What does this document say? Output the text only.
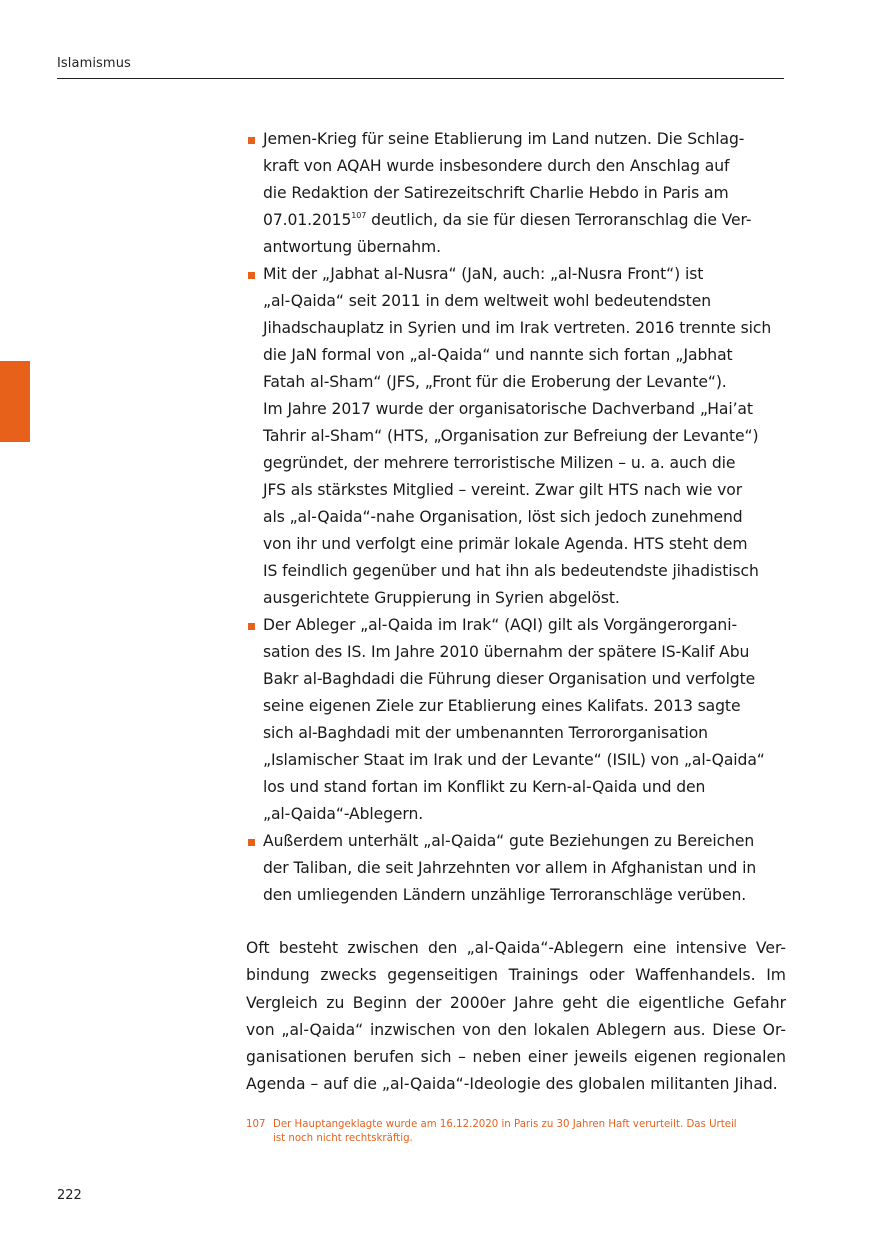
Islamismus
Jemen-Krieg für seine Etablierung im Land nutzen. Die Schlag-
kraft von AQAH wurde insbesondere durch den Anschlag auf
die Redaktion der Satirezeitschrift Charlie Hebdo in Paris am
07.01.2015$^{107}$ deutlich, da sie für diesen Terroranschlag die Ver-
antwortung übernahm.
Mit der „Jabhat al-Nusra“ (JaN, auch: „al-Nusra Front“) ist
„al-Qaida“ seit 2011 in dem weltweit wohl bedeutendsten
Jihadschauplatz in Syrien und im Irak vertreten. 2016 trennte sich
die JaN formal von „al-Qaida“ und nannte sich fortan „Jabhat
Fatah al-Sham“ (JFS, „Front für die Eroberung der Levante“).
Im Jahre 2017 wurde der organisatorische Dachverband „Hai’at
Tahrir al-Sham“ (HTS, „Organisation zur Befreiung der Levante“)
gegründet, der mehrere terroristische Milizen – u. a. auch die
JFS als stärkstes Mitglied – vereint. Zwar gilt HTS nach wie vor
als „al-Qaida“-nahe Organisation, löst sich jedoch zunehmend
von ihr und verfolgt eine primär lokale Agenda. HTS steht dem
IS feindlich gegenüber und hat ihn als bedeutendste jihadistisch
ausgerichtete Gruppierung in Syrien abgelöst.
Der Ableger „al-Qaida im Irak“ (AQI) gilt als Vorgängerorgani-
sation des IS. Im Jahre 2010 übernahm der spätere IS-Kalif Abu
Bakr al-Baghdadi die Führung dieser Organisation und verfolgte
seine eigenen Ziele zur Etablierung eines Kalifats. 2013 sagte
sich al-Baghdadi mit der umbenannten Terrororganisation
„Islamischer Staat im Irak und der Levante“ (ISIL) von „al-Qaida“
los und stand fortan im Konflikt zu Kern-al-Qaida und den
„al-Qaida“-Ablegern.
Außerdem unterhält „al-Qaida“ gute Beziehungen zu Bereichen
der Taliban, die seit Jahrzehnten vor allem in Afghanistan und in
den umliegenden Ländern unzählige Terroranschläge verüben.

Oft besteht zwischen den „al-Qaida“-Ablegern eine intensive Ver-
bindung zwecks gegenseitigen Trainings oder Waffenhandels. Im
Vergleich zu Beginn der 2000er Jahre geht die eigentliche Gefahr
von „al-Qaida“ inzwischen von den lokalen Ablegern aus. Diese Or-
ganisationen berufen sich – neben einer jeweils eigenen regionalen
Agenda – auf die „al-Qaida“-Ideologie des globalen militanten Jihad.

107 Der Hauptangeklagte wurde am 16.12.2020 in Paris zu 30 Jahren Haft verurteilt. Das Urteil
ist noch nicht rechtskräftig.
222
